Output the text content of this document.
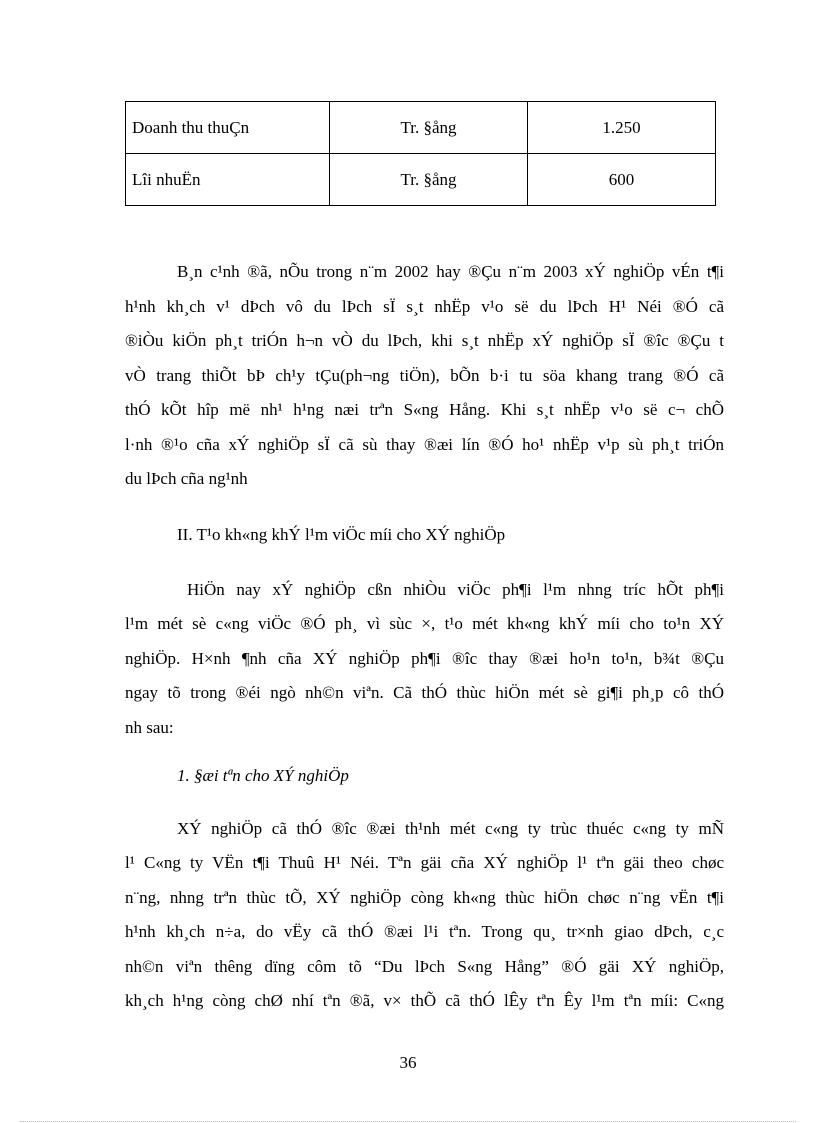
Doanh thu thuÇn	Tr. §ång	1.250
Lîi nhuËn	Tr. §ång	600
B¸n c¹nh ®ã, nÕu trong n¨m 2002 hay ®Çu n¨m 2003 xÝ nghiÖp vÉn t¶i
h¹nh kh¸ch v¹ dÞch vô du lÞch sÏ s¸t nhËp v¹o së du lÞch H¹ Néi ®Ó cã
®iÒu kiÖn ph¸t triÓn h¬n vÒ du lÞch, khi s¸t nhËp xÝ nghiÖp sÏ ®îc ®Çu t
vÒ trang thiÕt bÞ ch¹y tÇu(ph¬ng tiÖn), bÕn b·i tu söa khang trang ®Ó cã
thÓ kÕt hîp më nh¹ h¹ng næi trªn S«ng Hång. Khi s¸t nhËp v¹o së c¬ chÕ
l·nh ®¹o cña xÝ nghiÖp sÏ cã sù thay ®æi lín ®Ó ho¹ nhËp v¹p sù ph¸t triÓn
du lÞch cña ng¹nh
II. T¹o kh«ng khÝ l¹m viÖc míi cho XÝ nghiÖp
HiÖn nay xÝ nghiÖp cßn nhiÒu viÖc ph¶i l¹m nhng tríc hÕt ph¶i
l¹m mét sè c«ng viÖc ®Ó ph¸ vì sùc ×, t¹o mét kh«ng khÝ míi cho to¹n XÝ
nghiÖp. H×nh ¶nh cña XÝ nghiÖp ph¶i ®îc thay ®æi ho¹n to¹n, b¾t ®Çu
ngay tõ trong ®éi ngò nh©n viªn. Cã thÓ thùc hiÖn mét sè gi¶i ph¸p cô thÓ
nh sau:
1. §æi tªn cho XÝ nghiÖp
XÝ nghiÖp cã thÓ ®îc ®æi th¹nh mét c«ng ty trùc thuéc c«ng ty mÑ
l¹ C«ng ty VËn t¶i Thuû H¹ Néi. Tªn gäi cña XÝ nghiÖp l¹ tªn gäi theo chøc
n¨ng, nhng trªn thùc tÕ, XÝ nghiÖp còng kh«ng thùc hiÖn chøc n¨ng vËn t¶i
h¹nh kh¸ch n÷a, do vËy cã thÓ ®æi l¹i tªn. Trong qu¸ tr×nh giao dÞch, c¸c
nh©n viªn thêng dïng côm tõ “Du lÞch S«ng Hång” ®Ó gäi XÝ nghiÖp,
kh¸ch h¹ng còng chØ nhí tªn ®ã, v× thÕ cã thÓ lÊy tªn Êy l¹m tªn míi: C«ng
36
